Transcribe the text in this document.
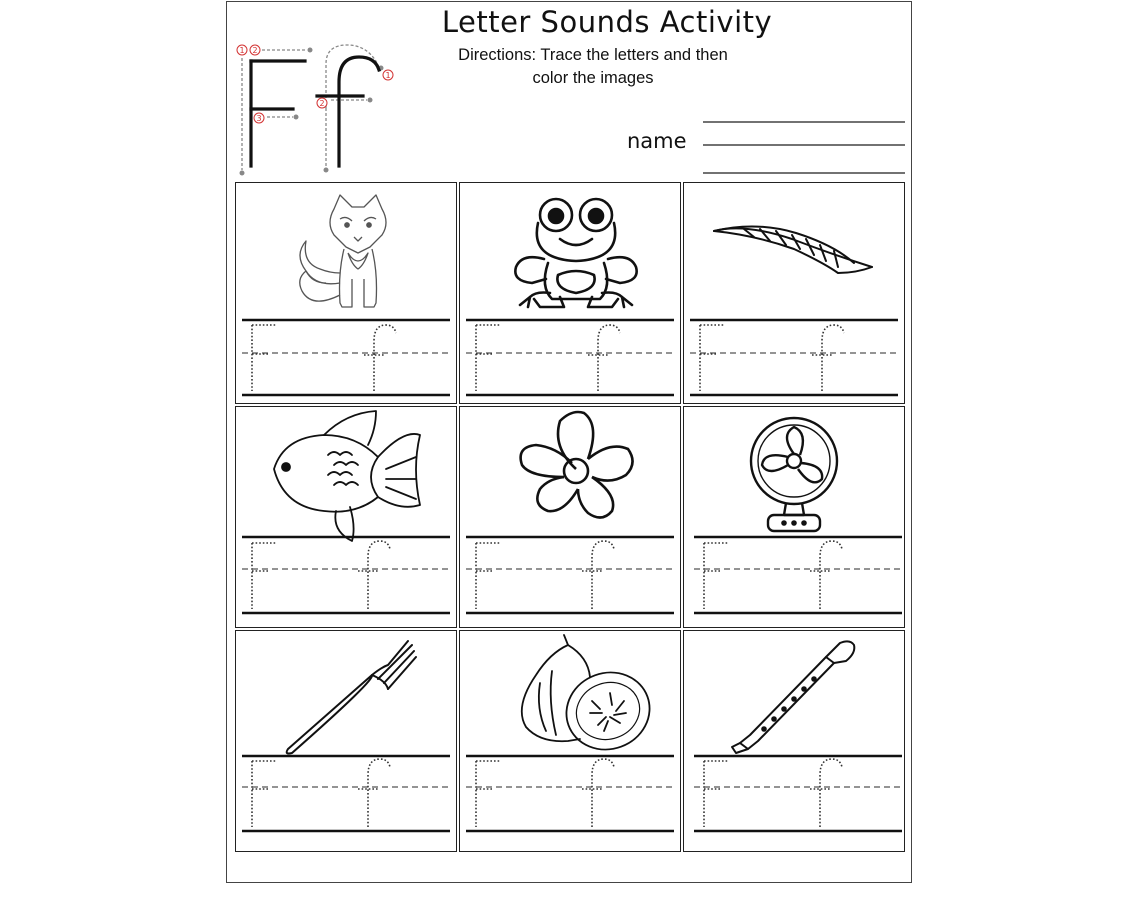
Letter Sounds Activity
Directions: Trace the letters and then
color the images
name
1 2
3
1
2
